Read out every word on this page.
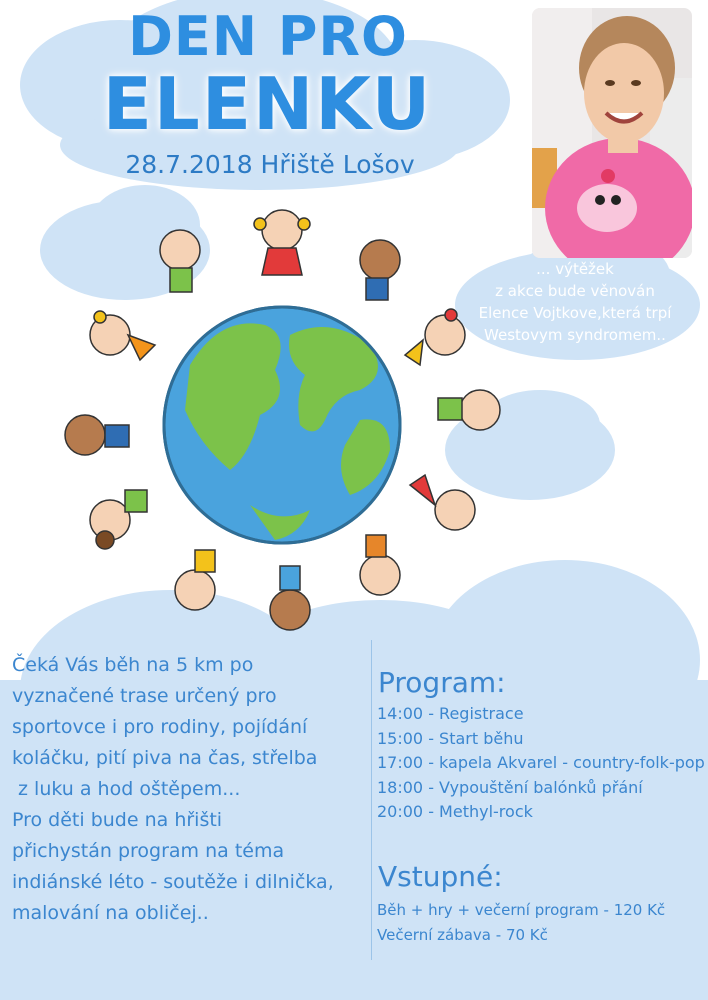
DEN PRO
ELENKU
28.7.2018 Hřiště Lošov
... výtěžek
z akce bude věnován
Elence Vojtkove,která trpí
Westovym syndromem..
Čeká Vás běh na 5 km po
vyznačené trase určený pro
sportovce i pro rodiny, pojídání
koláčku, pití piva na čas, střelba
z luku a hod oštěpem...
Pro děti bude na hřišti
přichystán program na téma
indiánské léto - soutěže i dilnička,
malování na obličej..
Program:
14:00 - Registrace
15:00 - Start běhu
17:00 - kapela Akvarel - country-folk-pop
18:00 - Vypouštění balónků přání
20:00 - Methyl-rock
Vstupné:
Běh + hry + večerní program - 120 Kč
Večerní zábava - 70 Kč
